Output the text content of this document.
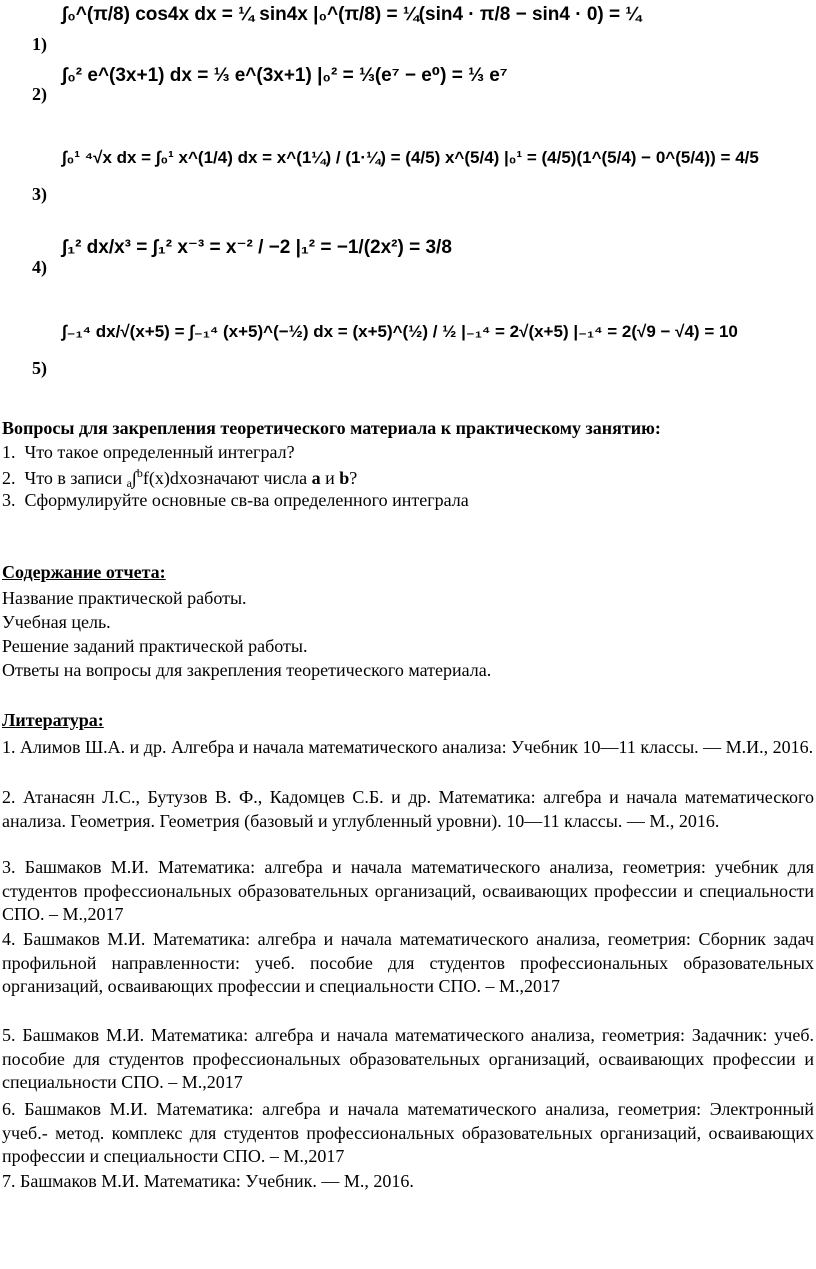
∫₀^(π/8) cos4x dx = ¼ sin4x |₀^(π/8) = ¼(sin4 · π/8 − sin4 · 0) = ¼
1)
∫₀² e^(3x+1) dx = ⅓ e^(3x+1) |₀² = ⅓(e⁷ − e⁰) = ⅓ e⁷
2)
∫₀¹ ⁴√x dx = ∫₀¹ x^(1/4) dx = x^(1¼) / (1·¼) = (4/5) x^(5/4) |₀¹ = (4/5)(1^(5/4) − 0^(5/4)) = 4/5
3)
∫₁² dx/x³ = ∫₁² x⁻³ = x⁻² / −2 |₁² = −1/(2x²) = 3/8
4)
∫₋₁⁴ dx/√(x+5) = ∫₋₁⁴ (x+5)^(−½) dx = (x+5)^(½) / ½ |₋₁⁴ = 2√(x+5) |₋₁⁴ = 2(√9 − √4) = 10
5)
Вопросы для закрепления теоретического материала к практическому занятию:
1. Что такое определенный интеграл?
2. Что в записи a∫$^b$f(x)dxозначают числа a и b?
3. Сформулируйте основные св-ва определенного интеграла
Содержание отчета:
Название практической работы.
Учебная цель.
Решение заданий практической работы.
Ответы на вопросы для закрепления теоретического материала.
Литература:
1. Алимов Ш.А. и др. Алгебра и начала математического анализа: Учебник 10—11 классы. — М.И., 2016.
2. Атанасян Л.С., Бутузов В. Ф., Кадомцев С.Б. и др. Математика: алгебра и начала математического анализа. Геометрия. Геометрия (базовый и углубленный уровни). 10—11 классы. — М., 2016.
3. Башмаков М.И. Математика: алгебра и начала математического анализа, геометрия: учебник для студентов профессиональных образовательных организаций, осваивающих профессии и специальности СПО. – М.,2017
4. Башмаков М.И. Математика: алгебра и начала математического анализа, геометрия: Сборник задач профильной направленности: учеб. пособие для студентов профессиональных образовательных организаций, осваивающих профессии и специальности СПО. – М.,2017
5. Башмаков М.И. Математика: алгебра и начала математического анализа, геометрия: Задачник: учеб. пособие для студентов профессиональных образовательных организаций, осваивающих профессии и специальности СПО. – М.,2017
6. Башмаков М.И. Математика: алгебра и начала математического анализа, геометрия: Электронный учеб.- метод. комплекс для студентов профессиональных образовательных организаций, осваивающих профессии и специальности СПО. – М.,2017
7. Башмаков М.И. Математика: Учебник. — М., 2016.
